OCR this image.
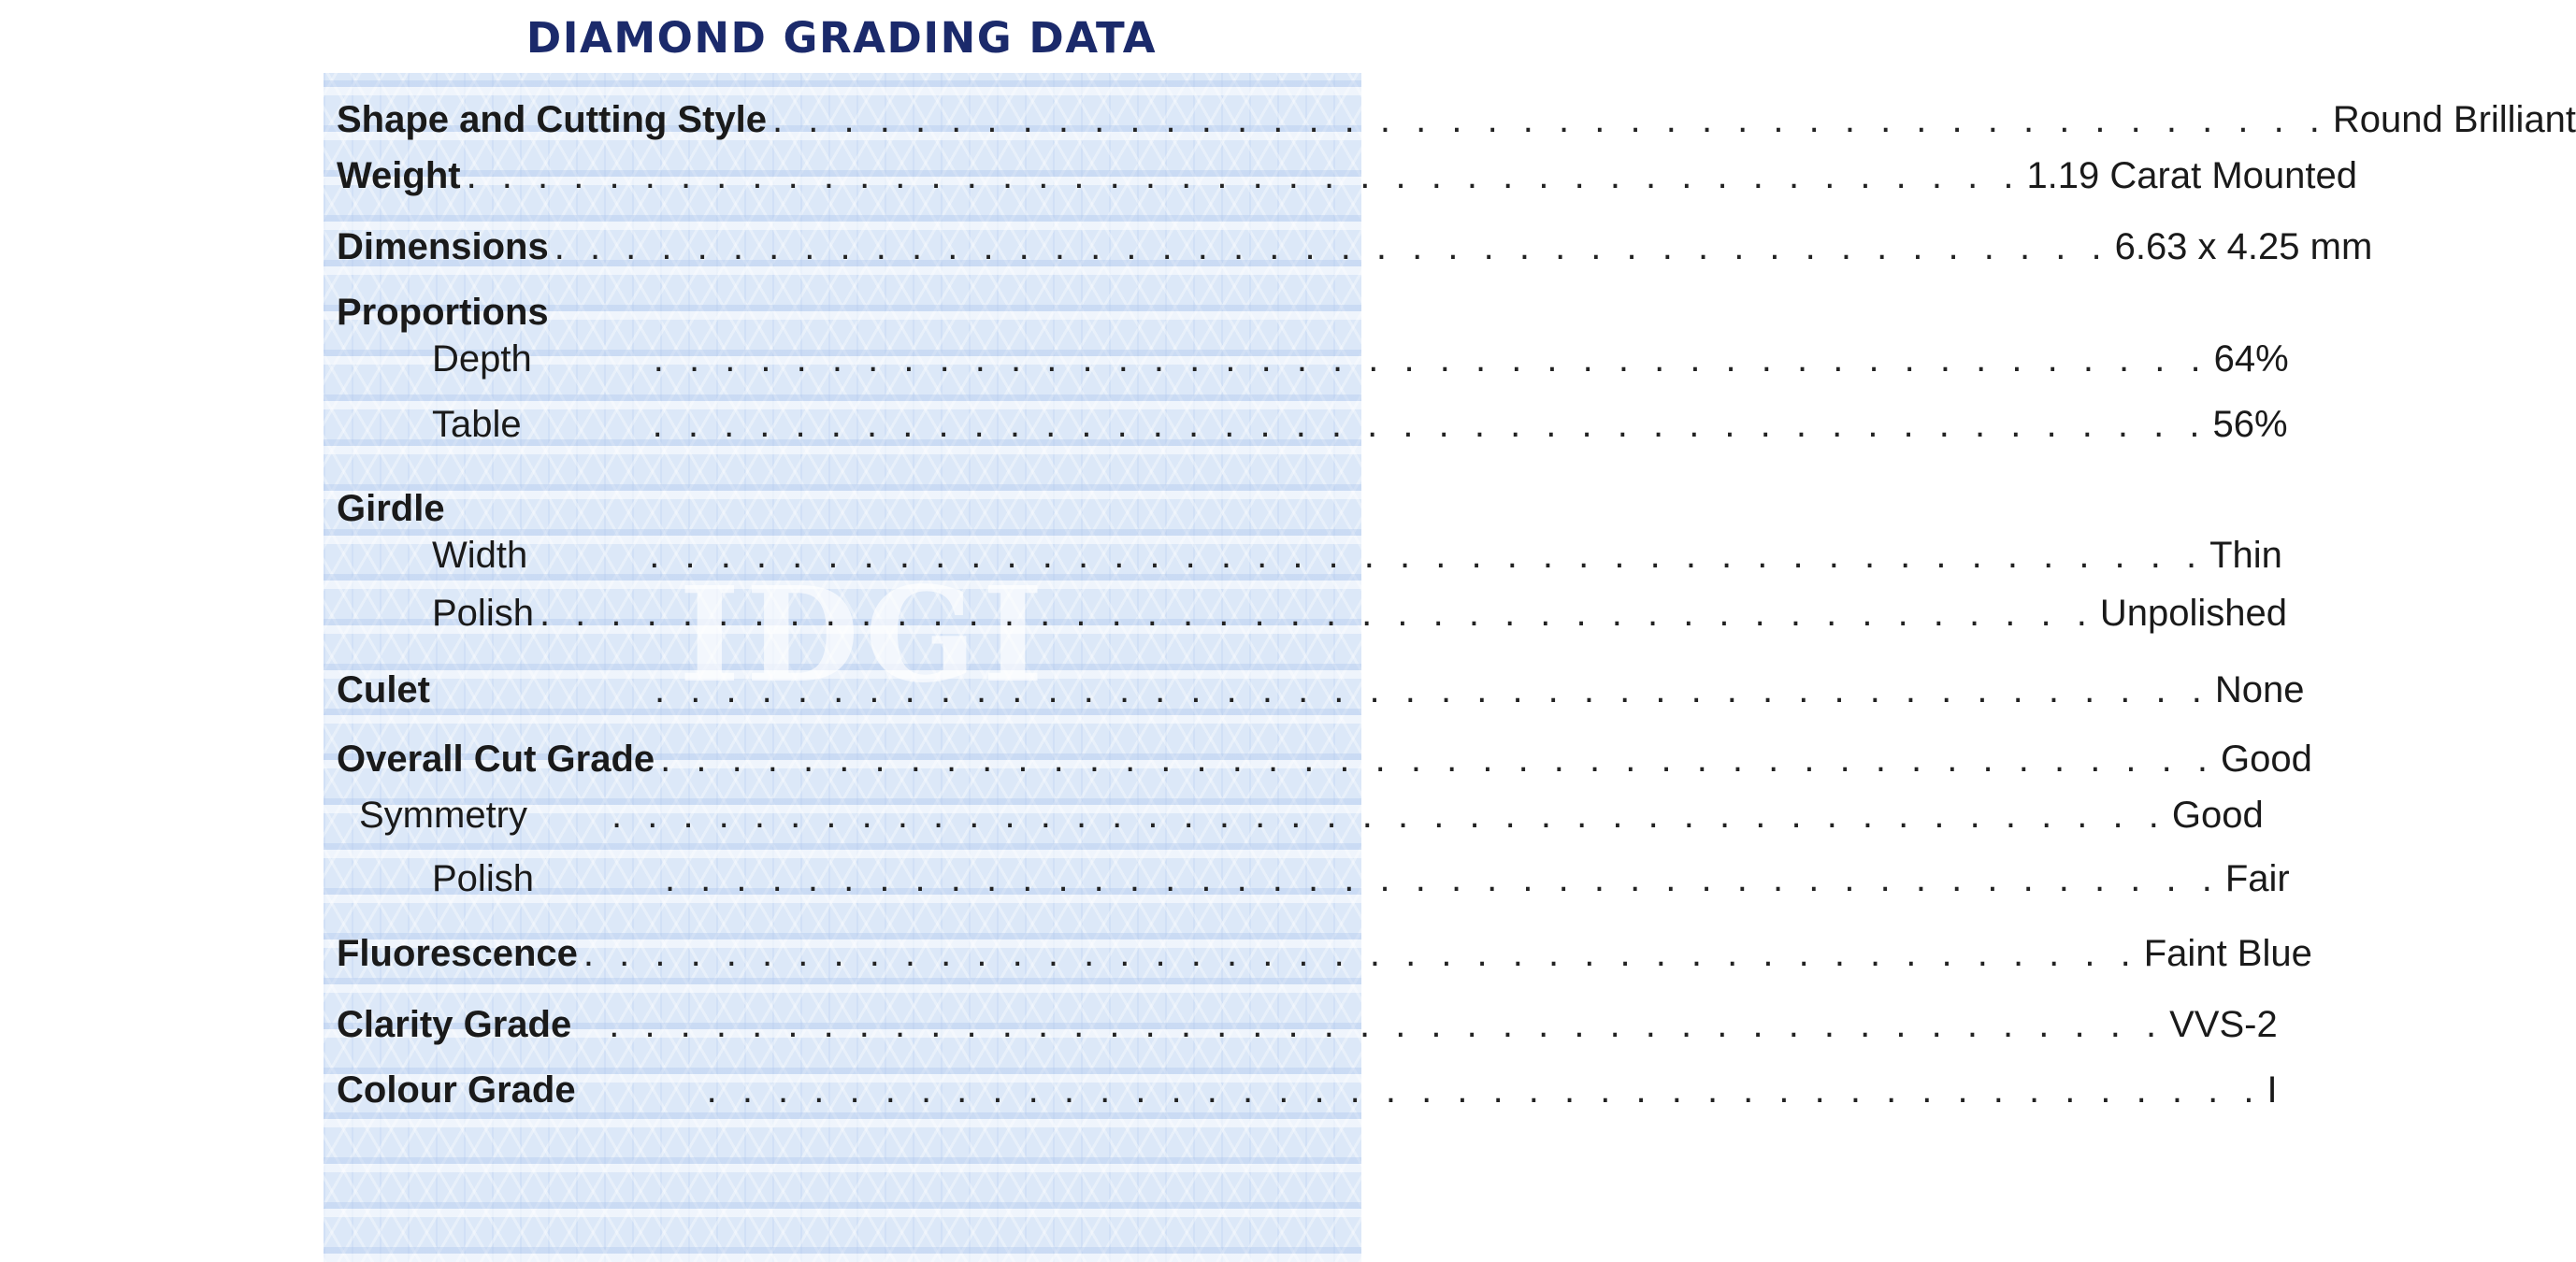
DIAMOND GRADING DATA
IDGI
Shape and Cutting Style . . . . . . . . . . . . . . . . . . . . . . . . . . . . . . . . . . . . . . . . . . . . Round Brilliant
Weight . . . . . . . . . . . . . . . . . . . . . . . . . . . . . . . . . . . . . . . . . . . . 1.19 Carat Mounted
Dimensions . . . . . . . . . . . . . . . . . . . . . . . . . . . . . . . . . . . . . . . . . . . . 6.63 x 4.25 mm
Proportions
Depth	. . . . . . . . . . . . . . . . . . . . . . . . . . . . . . . . . . . . . . . . . . . . 64%
Table	. . . . . . . . . . . . . . . . . . . . . . . . . . . . . . . . . . . . . . . . . . . . 56%
Girdle
Width	. . . . . . . . . . . . . . . . . . . . . . . . . . . . . . . . . . . . . . . . . . . . Thin
Polish . . . . . . . . . . . . . . . . . . . . . . . . . . . . . . . . . . . . . . . . . . . . Unpolished
Culet	. . . . . . . . . . . . . . . . . . . . . . . . . . . . . . . . . . . . . . . . . . . . None
Overall Cut Grade . . . . . . . . . . . . . . . . . . . . . . . . . . . . . . . . . . . . . . . . . . . . Good
Symmetry . . . . . . . . . . . . . . . . . . . . . . . . . . . . . . . . . . . . . . . . . . . . Good
Polish	. . . . . . . . . . . . . . . . . . . . . . . . . . . . . . . . . . . . . . . . . . . . Fair
Fluorescence . . . . . . . . . . . . . . . . . . . . . . . . . . . . . . . . . . . . . . . . . . . . Faint Blue
Clarity Grade . . . . . . . . . . . . . . . . . . . . . . . . . . . . . . . . . . . . . . . . . . . . VVS-2
Colour Grade	. . . . . . . . . . . . . . . . . . . . . . . . . . . . . . . . . . . . . . . . . . . . I
